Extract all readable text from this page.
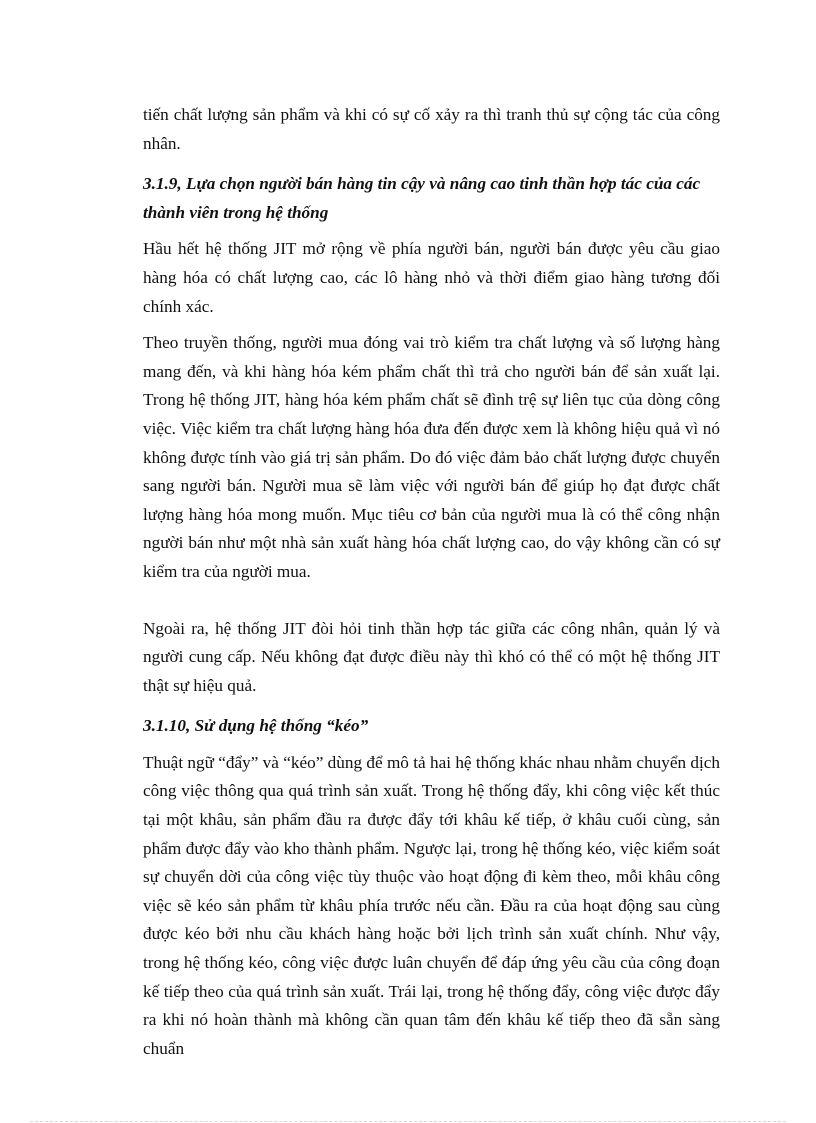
tiến chất lượng sản phẩm và khi có sự cố xảy ra thì tranh thủ sự cộng tác của công nhân.

3.1.9, Lựa chọn người bán hàng tin cậy và nâng cao tinh thần hợp tác của các thành viên trong hệ thống

Hầu hết hệ thống JIT mở rộng về phía người bán, người bán được yêu cầu giao hàng hóa có chất lượng cao, các lô hàng nhỏ và thời điểm giao hàng tương đối chính xác.

Theo truyền thống, người mua đóng vai trò kiểm tra chất lượng và số lượng hàng mang đến, và khi hàng hóa kém phẩm chất thì trả cho người bán để sản xuất lại. Trong hệ thống JIT, hàng hóa kém phẩm chất sẽ đình trệ sự liên tục của dòng công việc. Việc kiểm tra chất lượng hàng hóa đưa đến được xem là không hiệu quả vì nó không được tính vào giá trị sản phẩm. Do đó việc đảm bảo chất lượng được chuyển sang người bán. Người mua sẽ làm việc với người bán để giúp họ đạt được chất lượng hàng hóa mong muốn. Mục tiêu cơ bản của người mua là có thể công nhận người bán như một nhà sản xuất hàng hóa chất lượng cao, do vậy không cần có sự kiểm tra của người mua.

Ngoài ra, hệ thống JIT đòi hỏi tinh thần hợp tác giữa các công nhân, quản lý và người cung cấp. Nếu không đạt được điều này thì khó có thể có một hệ thống JIT thật sự hiệu quả.

3.1.10, Sử dụng hệ thống “kéo”

Thuật ngữ “đẩy” và “kéo” dùng để mô tả hai hệ thống khác nhau nhằm chuyển dịch công việc thông qua quá trình sản xuất. Trong hệ thống đẩy, khi công việc kết thúc tại một khâu, sản phẩm đầu ra được đẩy tới khâu kế tiếp, ở khâu cuối cùng, sản phẩm được đẩy vào kho thành phẩm. Ngược lại, trong hệ thống kéo, việc kiểm soát sự chuyển dời của công việc tùy thuộc vào hoạt động đi kèm theo, mỗi khâu công việc sẽ kéo sản phẩm từ khâu phía trước nếu cần. Đầu ra của hoạt động sau cùng được kéo bởi nhu cầu khách hàng hoặc bởi lịch trình sản xuất chính. Như vậy, trong hệ thống kéo, công việc được luân chuyển để đáp ứng yêu cầu của công đoạn kế tiếp theo của quá trình sản xuất. Trái lại, trong hệ thống đẩy, công việc được đẩy ra khi nó hoàn thành mà không cần quan tâm đến khâu kế tiếp theo đã sẵn sàng chuẩn
